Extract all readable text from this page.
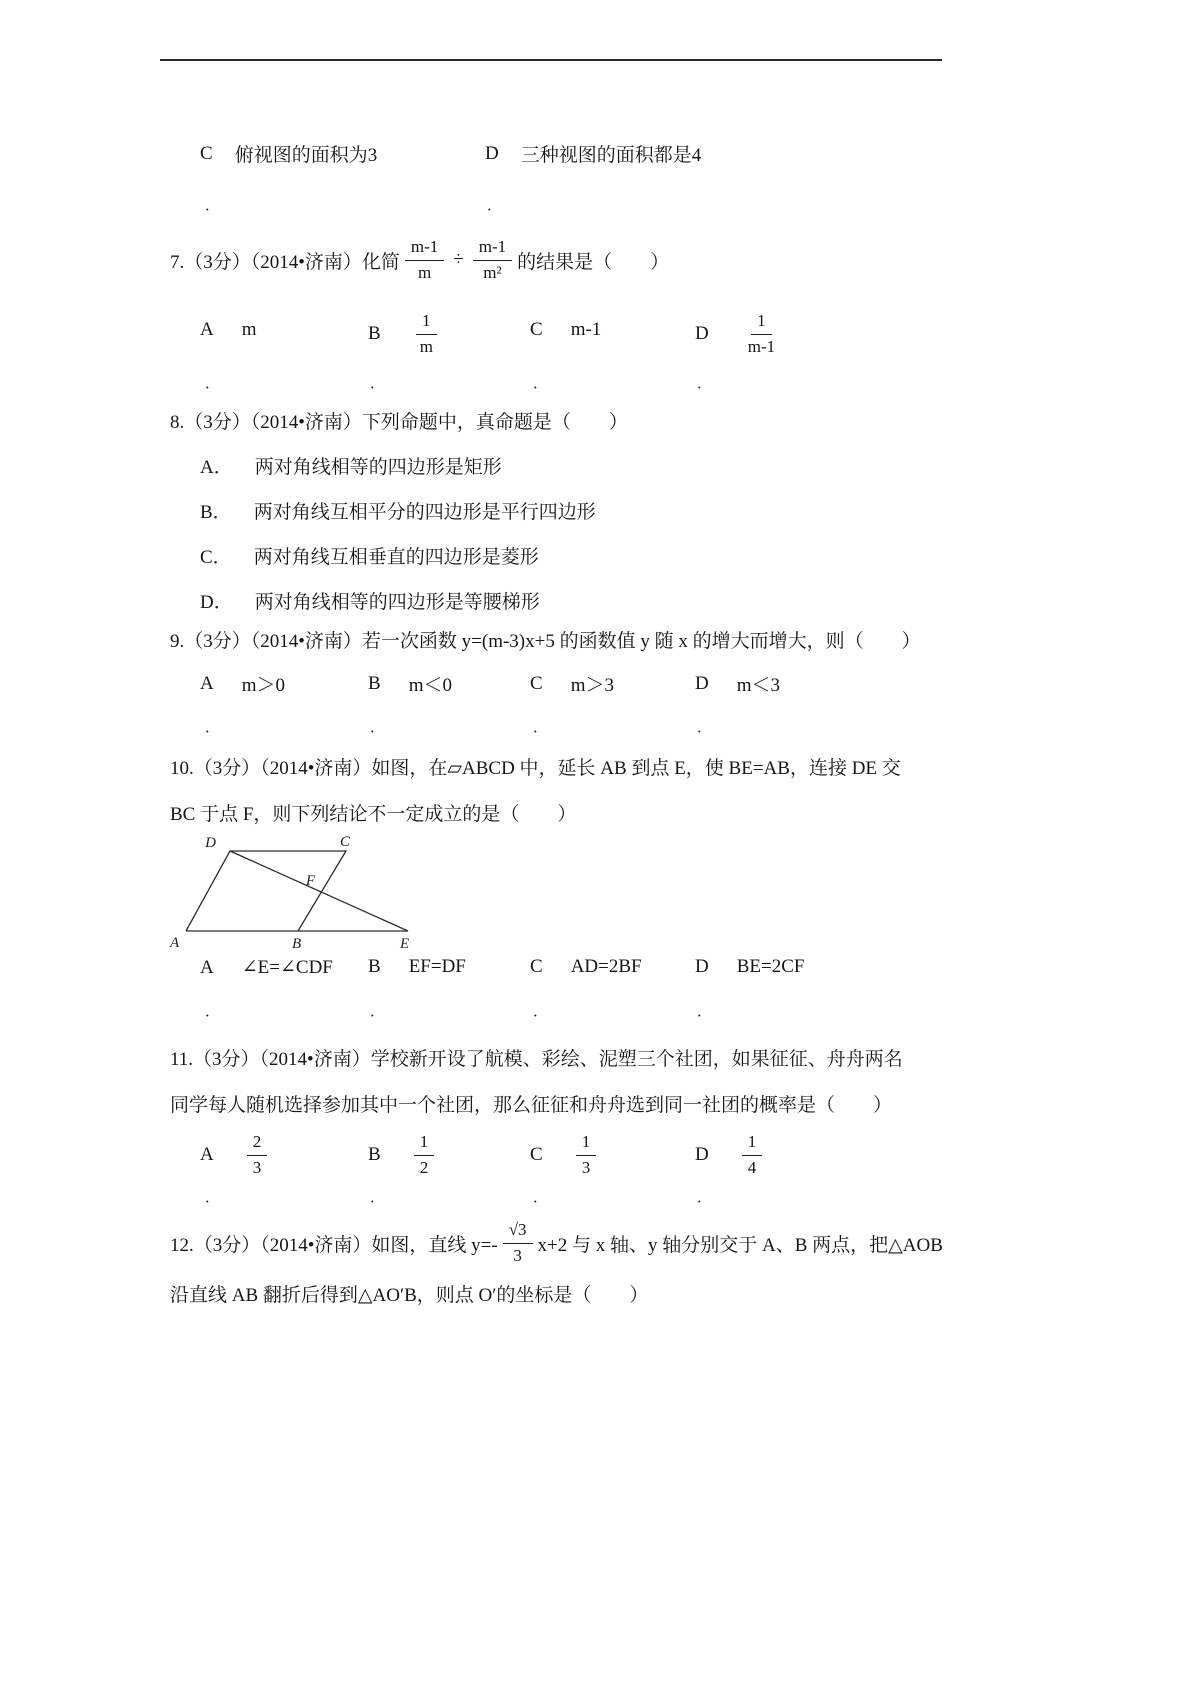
C 俯视图的面积为3	D 三种视图的面积都是4
．	．
7.（3分）（2014•济南）化简 $\frac{m-1}{m} \div \frac{m-1}{\text{m²}}$ 的结果是（　　）
A m	B $\frac{1}{m}$	C m-1	D $\frac{1}{m-1}$
．	．	．	．
8.（3分）（2014•济南）下列命题中，真命题是（　　）
A． 两对角线相等的四边形是矩形
B． 两对角线互相平分的四边形是平行四边形
C． 两对角线互相垂直的四边形是菱形
D． 两对角线相等的四边形是等腰梯形
9.（3分）（2014•济南）若一次函数 y=(m-3)x+5 的函数值 y 随 x 的增大而增大，则（　　）
A m＞0	B m＜0	C m＞3	D m＜3
．	．	．	．
10.（3分）（2014•济南）如图，在▱ABCD 中，延长 AB 到点 E，使 BE=AB，连接 DE 交
BC 于点 F，则下列结论不一定成立的是（　　）
D	C
F
A	B	E
A ∠E=∠CDF B EF=DF	C AD=2BF	D BE=2CF
．	．	．	．
11.（3分）（2014•济南）学校新开设了航模、彩绘、泥塑三个社团，如果征征、舟舟两名
同学每人随机选择参加其中一个社团，那么征征和舟舟选到同一社团的概率是（　　）
A $\frac{2}{3}$	B $\frac{1}{2}$	C $\frac{1}{3}$	D $\frac{1}{4}$
．	．	．	．
12.（3分）（2014•济南）如图，直线 $y=- \frac{√3}{3} x+2$ 与 x 轴、y 轴分别交于 A、B 两点，把△AOB
沿直线 AB 翻折后得到△AO′B，则点 O′的坐标是（　　）
